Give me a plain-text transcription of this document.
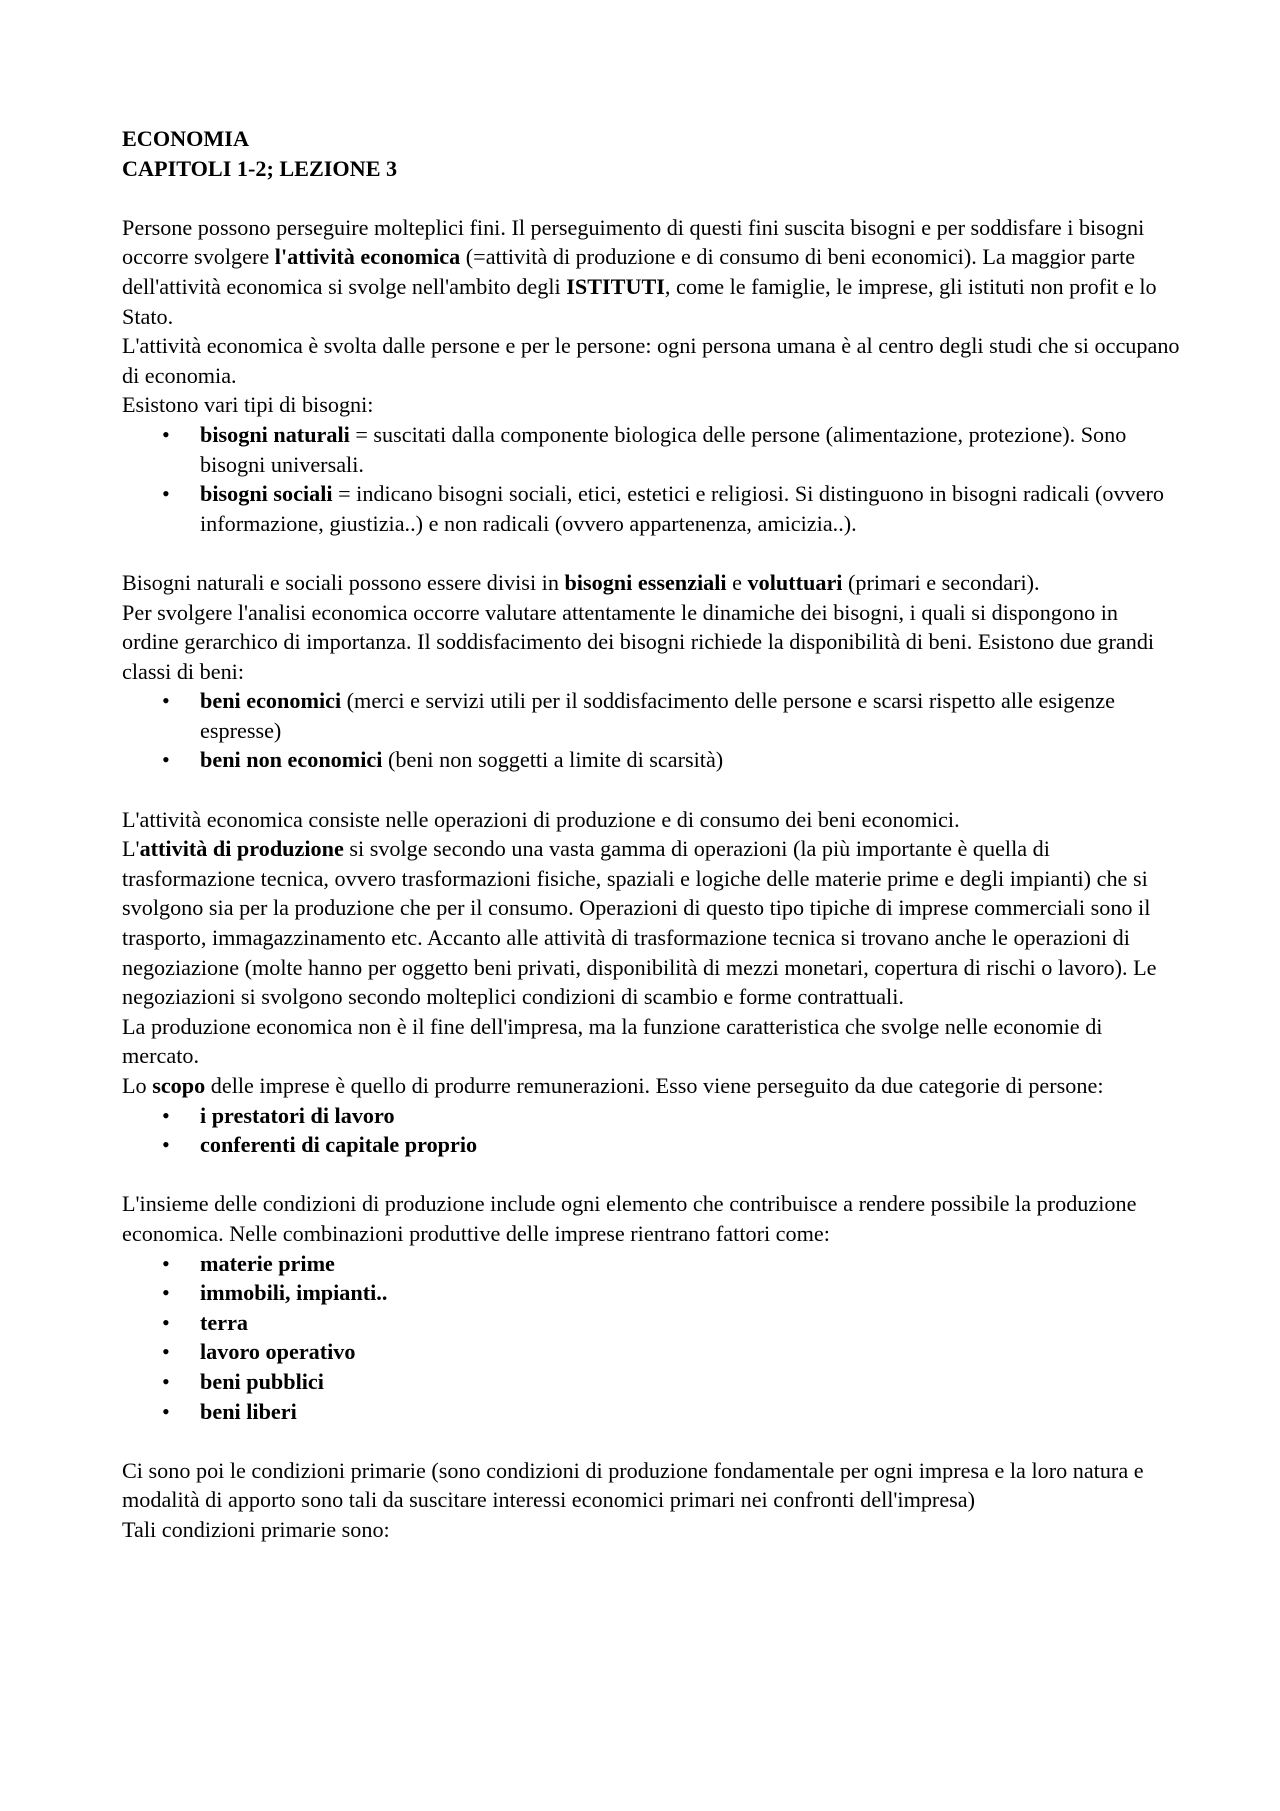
ECONOMIA

CAPITOLI 1-2; LEZIONE 3

Persone possono perseguire molteplici fini. Il perseguimento di questi fini suscita bisogni e per soddisfare i bisogni occorre svolgere l'attività economica (=attività di produzione e di consumo di beni economici). La maggior parte dell'attività economica si svolge nell'ambito degli ISTITUTI, come le famiglie, le imprese, gli istituti non profit e lo Stato.

L'attività economica è svolta dalle persone e per le persone: ogni persona umana è al centro degli studi che si occupano di economia.

Esistono vari tipi di bisogni:

• bisogni naturali = suscitati dalla componente biologica delle persone (alimentazione, protezione). Sono bisogni universali.
• bisogni sociali = indicano bisogni sociali, etici, estetici e religiosi. Si distinguono in bisogni radicali (ovvero informazione, giustizia..) e non radicali (ovvero appartenenza, amicizia..).

Bisogni naturali e sociali possono essere divisi in bisogni essenziali e voluttuari (primari e secondari).

Per svolgere l'analisi economica occorre valutare attentamente le dinamiche dei bisogni, i quali si dispongono in ordine gerarchico di importanza. Il soddisfacimento dei bisogni richiede la disponibilità di beni. Esistono due grandi classi di beni:

• beni economici (merci e servizi utili per il soddisfacimento delle persone e scarsi rispetto alle esigenze espresse)
• beni non economici (beni non soggetti a limite di scarsità)

L'attività economica consiste nelle operazioni di produzione e di consumo dei beni economici.

L'attività di produzione si svolge secondo una vasta gamma di operazioni (la più importante è quella di trasformazione tecnica, ovvero trasformazioni fisiche, spaziali e logiche delle materie prime e degli impianti) che si svolgono sia per la produzione che per il consumo. Operazioni di questo tipo tipiche di imprese commerciali sono il trasporto, immagazzinamento etc. Accanto alle attività di trasformazione tecnica si trovano anche le operazioni di negoziazione (molte hanno per oggetto beni privati, disponibilità di mezzi monetari, copertura di rischi o lavoro). Le negoziazioni si svolgono secondo molteplici condizioni di scambio e forme contrattuali.

La produzione economica non è il fine dell'impresa, ma la funzione caratteristica che svolge nelle economie di mercato.

Lo scopo delle imprese è quello di produrre remunerazioni. Esso viene perseguito da due categorie di persone:

• i prestatori di lavoro
• conferenti di capitale proprio

L'insieme delle condizioni di produzione include ogni elemento che contribuisce a rendere possibile la produzione economica. Nelle combinazioni produttive delle imprese rientrano fattori come:

• materie prime
• immobili, impianti..
• terra
• lavoro operativo
• beni pubblici
• beni liberi

Ci sono poi le condizioni primarie (sono condizioni di produzione fondamentale per ogni impresa e la loro natura e modalità di apporto sono tali da suscitare interessi economici primari nei confronti dell'impresa)

Tali condizioni primarie sono:
